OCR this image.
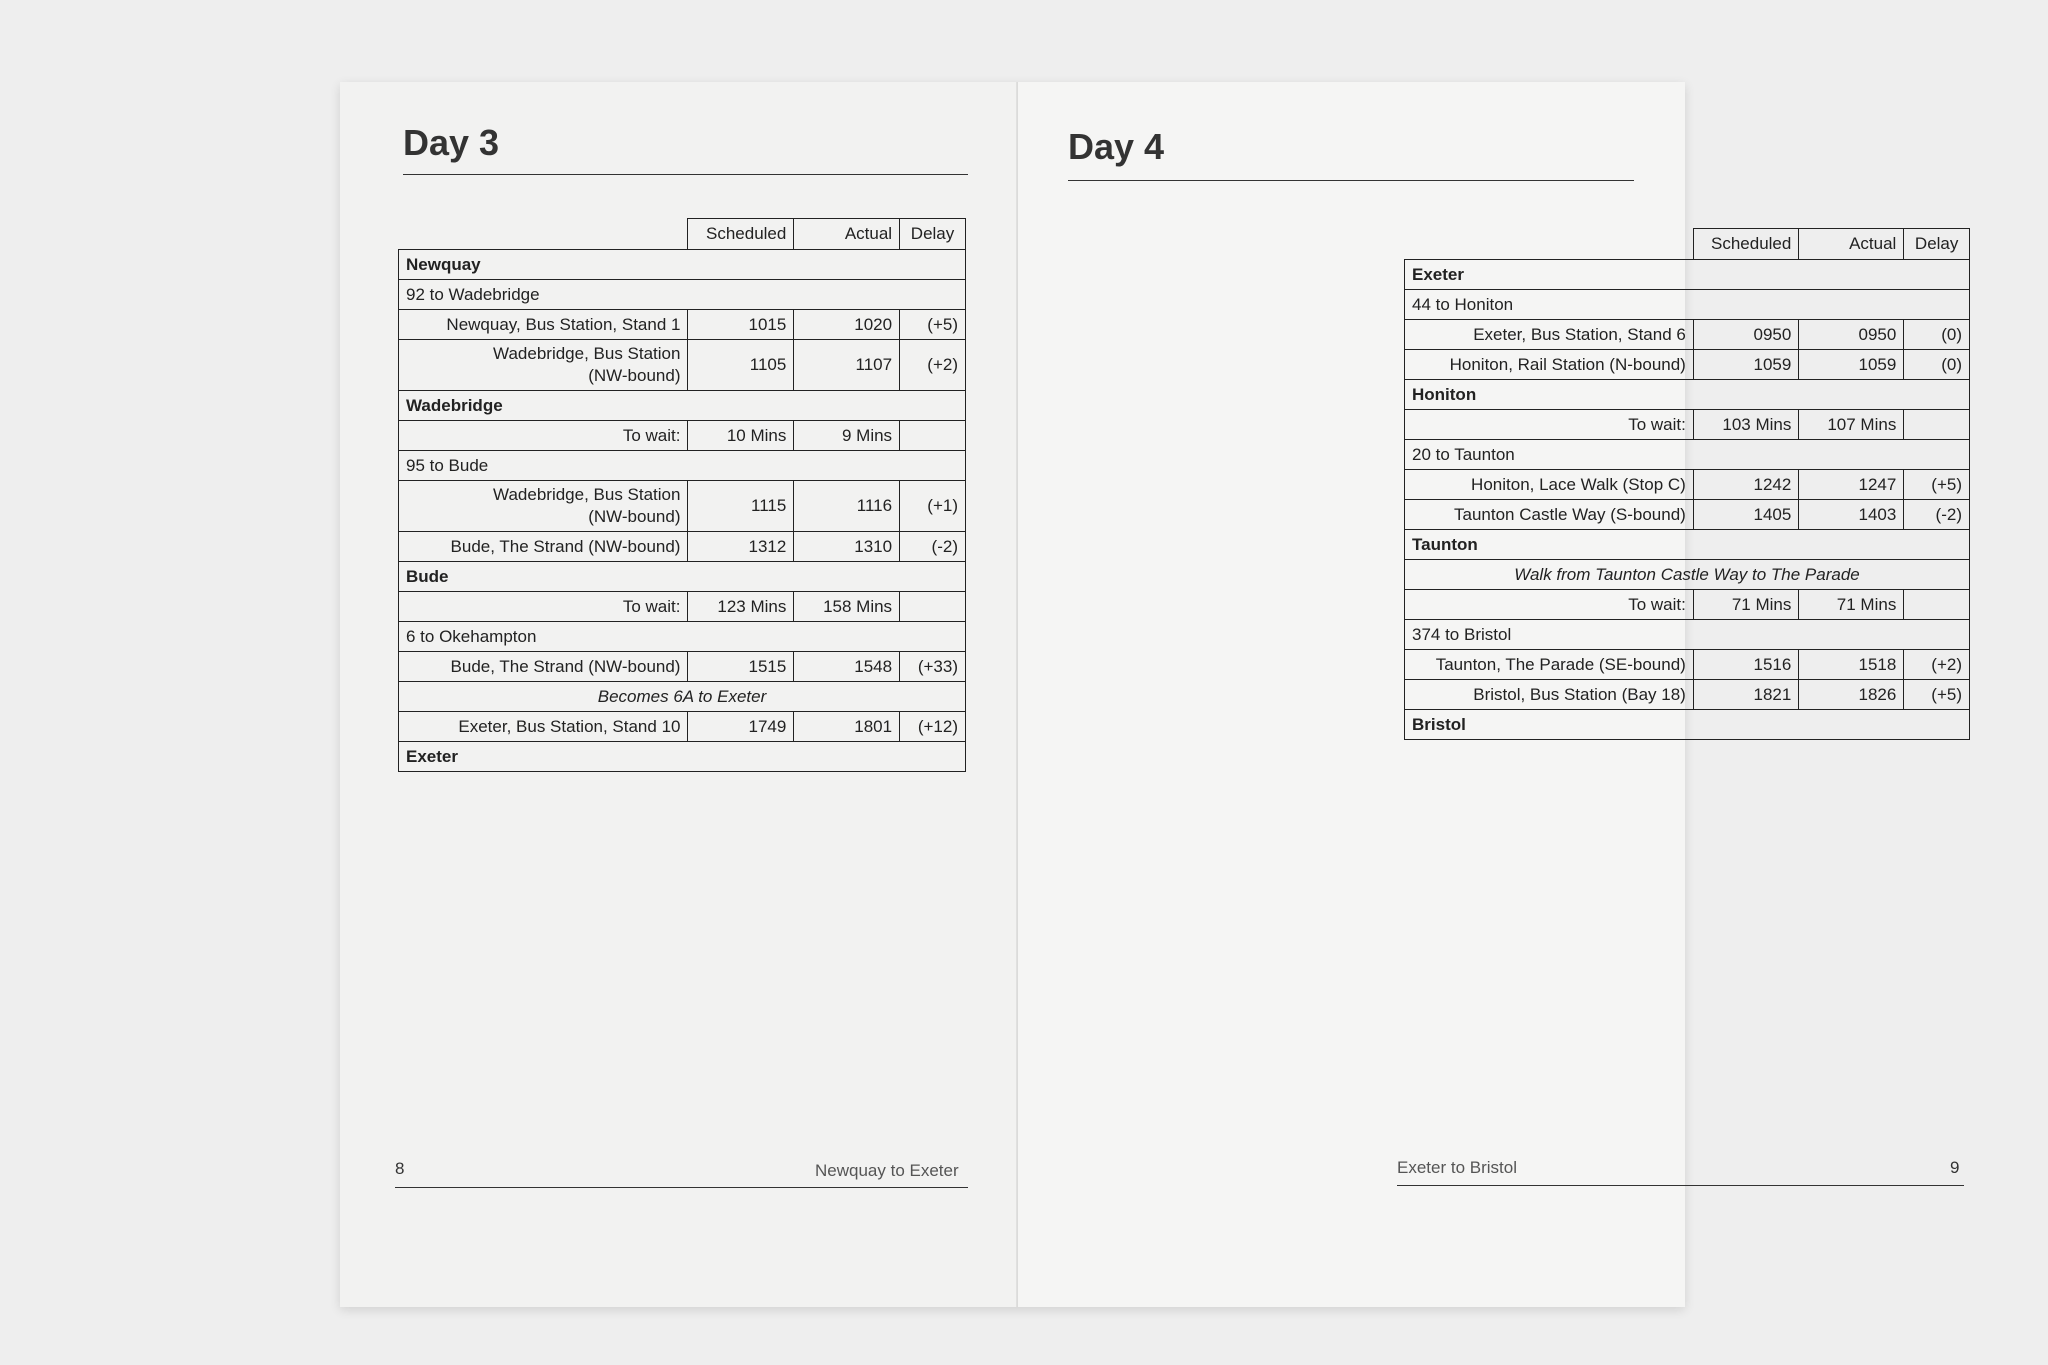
Day 3
	Scheduled	Actual	Delay
Newquay			
92 to Wadebridge			
Newquay, Bus Station, Stand 1	1015	1020	(+5)

Wadebridge, Bus Station
(NW-bound)	1105	1107	(+2)
Wadebridge			
To wait:	10 Mins	9 Mins	
95 to Bude			

Wadebridge, Bus Station
(NW-bound)	1115	1116	(+1)
Bude, The Strand (NW-bound)	1312	1310	(-2)
Bude			
To wait:	123 Mins	158 Mins	
6 to Okehampton			
Bude, The Strand (NW-bound)	1515	1548	(+33)
Becomes 6A to Exeter			
Exeter, Bus Station, Stand 10	1749	1801	(+12)
Exeter			
8	Newquay to Exeter
Day 4
	Scheduled	Actual	Delay
Exeter			
44 to Honiton			
Exeter, Bus Station, Stand 6	0950	0950	(0)
Honiton, Rail Station (N-bound)	1059	1059	(0)
Honiton			
To wait:	103 Mins	107 Mins	
20 to Taunton			
Honiton, Lace Walk (Stop C)	1242	1247	(+5)
Taunton Castle Way (S-bound)	1405	1403	(-2)
Taunton			
Walk from Taunton Castle Way to The Parade			
To wait:	71 Mins	71 Mins	
374 to Bristol			
Taunton, The Parade (SE-bound)	1516	1518	(+2)
Bristol, Bus Station (Bay 18)	1821	1826	(+5)
Bristol			
Exeter to Bristol	9
